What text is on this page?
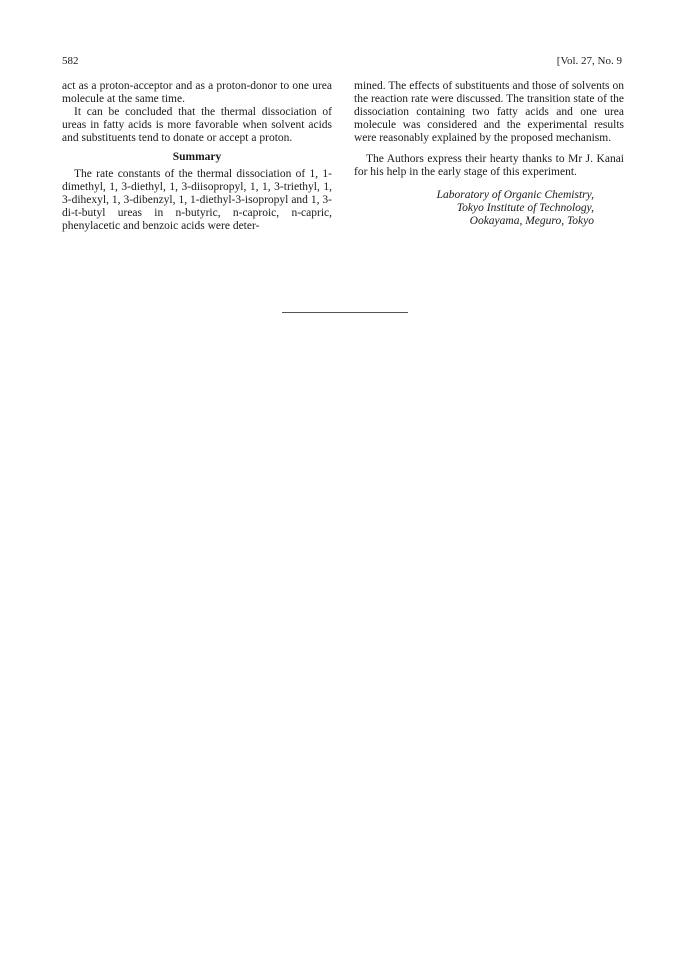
582	[Vol. 27, No. 9

act as a proton-acceptor and as a proton-donor to one urea molecule at the same time.

It can be concluded that the thermal dissociation of ureas in fatty acids is more favorable when solvent acids and substituents tend to donate or accept a proton.

Summary

The rate constants of the thermal dissociation of 1, 1-dimethyl, 1, 3-diethyl, 1, 3-diisopropyl, 1, 1, 3-triethyl, 1, 3-dihexyl, 1, 3-dibenzyl, 1, 1-diethyl-3-isopropyl and 1, 3-di-t-butyl ureas in n-butyric, n-caproic, n-capric, phenylacetic and benzoic acids were deter-

mined. The effects of substituents and those of solvents on the reaction rate were discussed. The transition state of the dissociation containing two fatty acids and one urea molecule was considered and the experimental results were reasonably explained by the proposed mechanism.

The Authors express their hearty thanks to Mr J. Kanai for his help in the early stage of this experiment.

Laboratory of Organic Chemistry,
Tokyo Institute of Technology,
Ookayama, Meguro, Tokyo
